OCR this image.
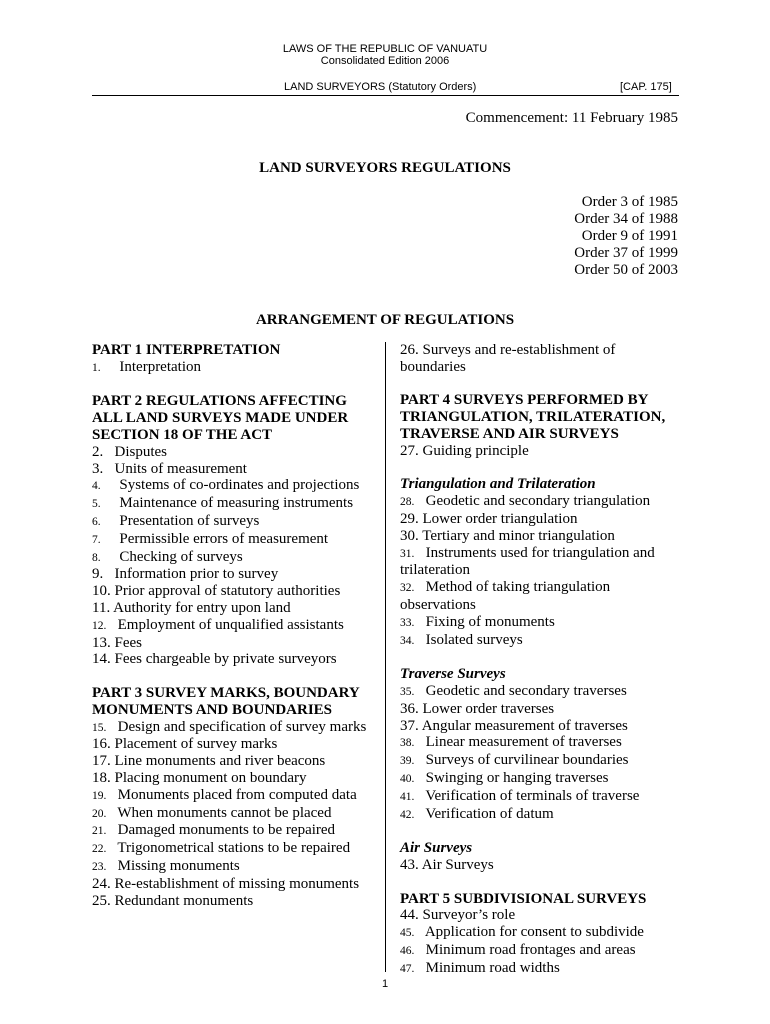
LAWS OF THE REPUBLIC OF VANUATU
Consolidated Edition 2006
LAND SURVEYORS (Statutory Orders)	[CAP. 175]
Commencement: 11 February 1985
LAND SURVEYORS REGULATIONS
Order 3 of 1985
Order 34 of 1988
Order 9 of 1991
Order 37 of 1999
Order 50 of 2003
ARRANGEMENT OF REGULATIONS
PART 1 INTERPRETATION
1. Interpretation
PART 2 REGULATIONS AFFECTING ALL LAND SURVEYS MADE UNDER SECTION 18 OF THE ACT
2. Disputes
3. Units of measurement
4. Systems of co-ordinates and projections
5. Maintenance of measuring instruments
6. Presentation of surveys
7. Permissible errors of measurement
8. Checking of surveys
9. Information prior to survey
10. Prior approval of statutory authorities
11. Authority for entry upon land
12. Employment of unqualified assistants
13. Fees
14. Fees chargeable by private surveyors
PART 3 SURVEY MARKS, BOUNDARY MONUMENTS AND BOUNDARIES
15. Design and specification of survey marks
16. Placement of survey marks
17. Line monuments and river beacons
18. Placing monument on boundary
19. Monuments placed from computed data
20. When monuments cannot be placed
21. Damaged monuments to be repaired
22. Trigonometrical stations to be repaired
23. Missing monuments
24. Re-establishment of missing monuments
25. Redundant monuments
26. Surveys and re-establishment of boundaries
PART 4 SURVEYS PERFORMED BY TRIANGULATION, TRILATERATION, TRAVERSE AND AIR SURVEYS
27. Guiding principle
Triangulation and Trilateration
28. Geodetic and secondary triangulation
29. Lower order triangulation
30. Tertiary and minor triangulation
31. Instruments used for triangulation and trilateration
32. Method of taking triangulation observations
33. Fixing of monuments
34. Isolated surveys
Traverse Surveys
35. Geodetic and secondary traverses
36. Lower order traverses
37. Angular measurement of traverses
38. Linear measurement of traverses
39. Surveys of curvilinear boundaries
40. Swinging or hanging traverses
41. Verification of terminals of traverse
42. Verification of datum
Air Surveys
43. Air Surveys
PART 5 SUBDIVISIONAL SURVEYS
44. Surveyor’s role
45. Application for consent to subdivide
46. Minimum road frontages and areas
47. Minimum road widths
1
